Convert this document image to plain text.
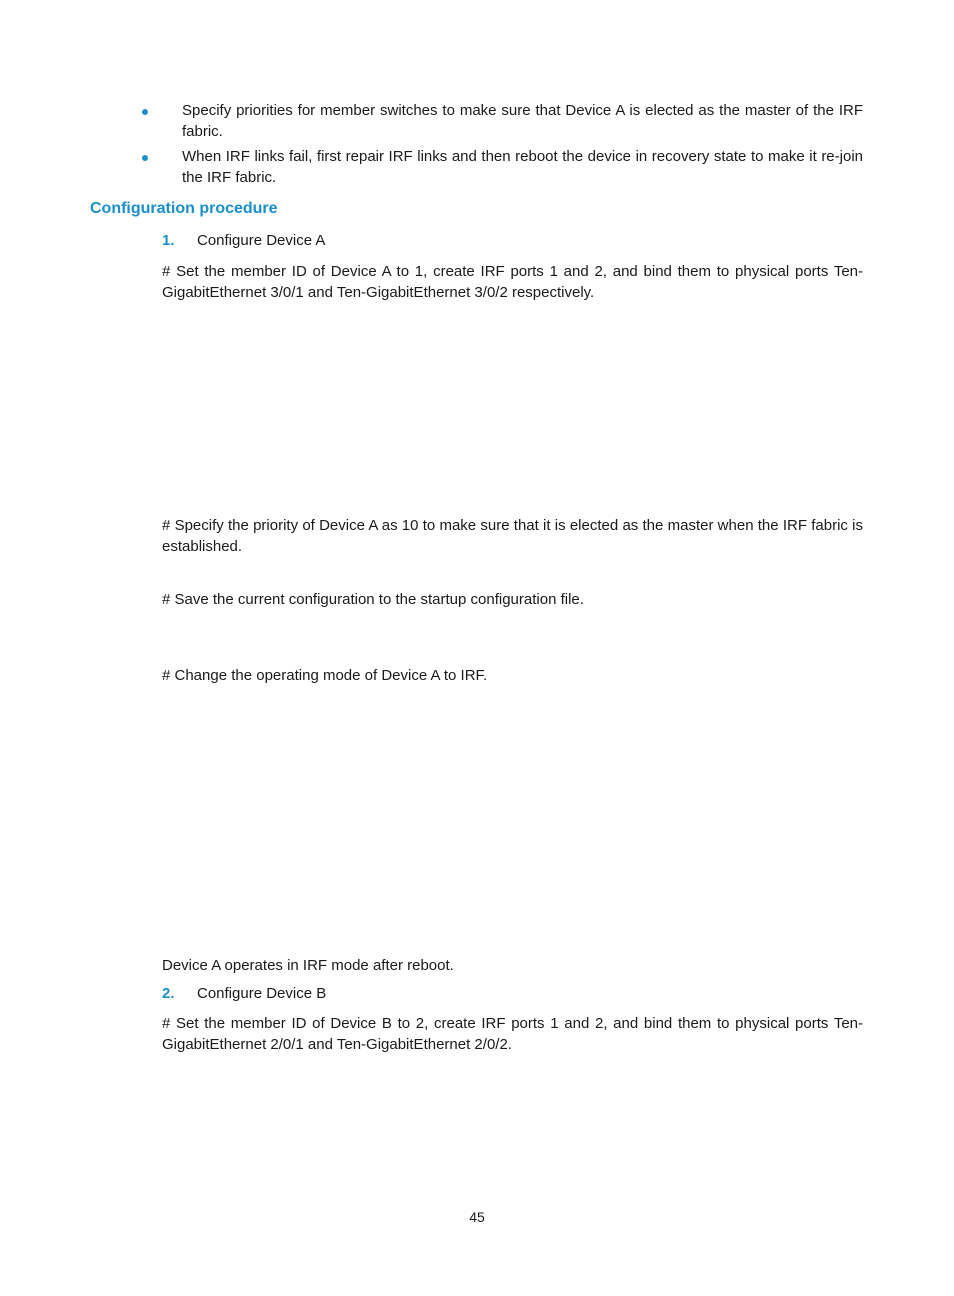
Specify priorities for member switches to make sure that Device A is elected as the master of the IRF fabric.
When IRF links fail, first repair IRF links and then reboot the device in recovery state to make it re-join the IRF fabric.
Configuration procedure
1. Configure Device A
# Set the member ID of Device A to 1, create IRF ports 1 and 2, and bind them to physical ports Ten-GigabitEthernet 3/0/1 and Ten-GigabitEthernet 3/0/2 respectively.
# Specify the priority of Device A as 10 to make sure that it is elected as the master when the IRF fabric is established.
# Save the current configuration to the startup configuration file.
# Change the operating mode of Device A to IRF.
Device A operates in IRF mode after reboot.
2. Configure Device B
# Set the member ID of Device B to 2, create IRF ports 1 and 2, and bind them to physical ports Ten-GigabitEthernet 2/0/1 and Ten-GigabitEthernet 2/0/2.
45
